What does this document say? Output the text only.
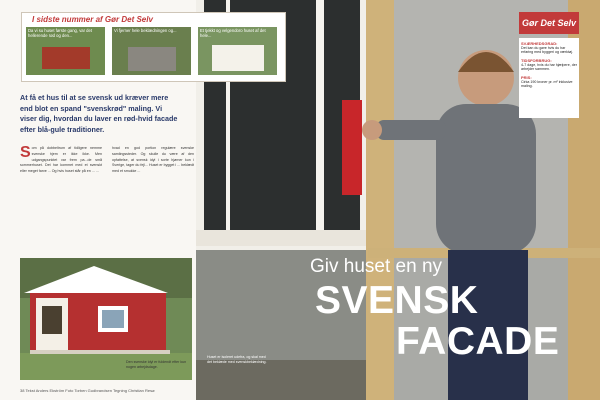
At få et hus til at se svensk ud kræver mere end blot en spand "svenskrød" maling. Vi viser dig, hvordan du laver en rød-hvid facade efter blå-gule traditioner.
S om på dobbeltrum af tidligere nemme svenske hjem er ikke ikke. Men udgangspunktet var frem pa...de små sommerhuset. Det har kommet med et svenskt eller meget farve ... Og hvis huset står på en ... ...
hvad en god portion regulære svenske samlingssteder. Og skulle du være af den opfattelse, at svensk idyl i sorte hjørner kun i Sverige, tager du fejl... Huset er bygget i ... beklædt med et smukke ...
38 Tekst Anders Ekström Foto Torben Gudbrandsen Tegning Christian Resø
I sidste nummer af Gør Det Selv
Da vi su huset første gang, var det hellerende rød og den...
Vi fjerner hele beklædningen og...	Et tjekkt og velgendoro huset af det hele...
Gør Det Selv
SVÆRHEDSGRAD:
Det kan du gøre hvis du har erfaring med byggeri og værktøj.
TIDSFORBRUG:
4-7 dage, hvis du har hjælpere, der arbejder sammen.
PRIS:
Cirka 190 kroner pr. m² inklusive maling.
Giv huset en ny
SVENSK
FACADE
Den svenske idyl er fuldendt efter kun nogen arbejdsdage.
Huset er isoleret udefra, og skal med det beklæde med svenskbeklædning.
